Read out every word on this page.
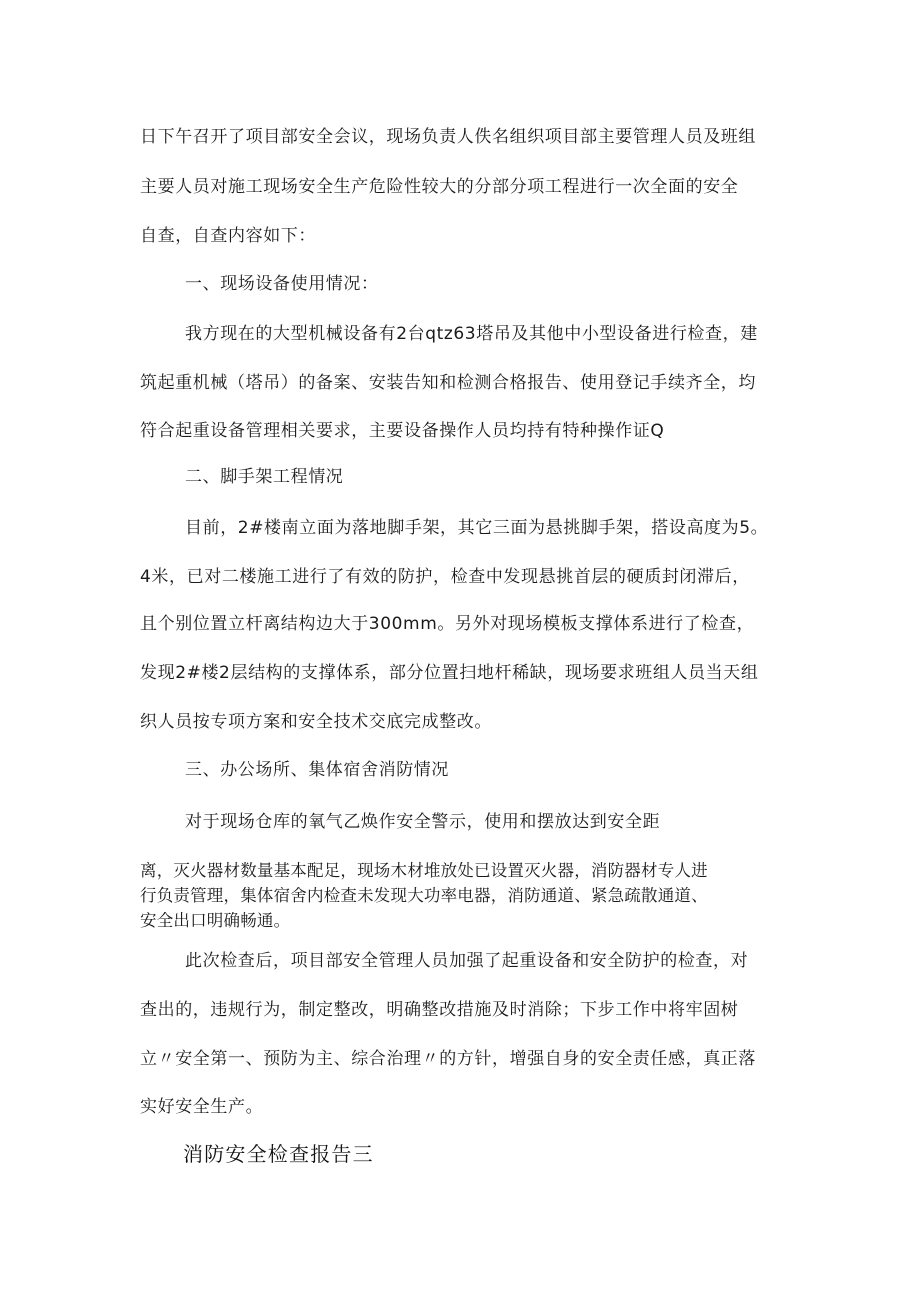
日下午召开了项目部安全会议，现场负责人佚名组织项目部主要管理人员及班组
主要人员对施工现场安全生产危险性较大的分部分项工程进行一次全面的安全
自查，自查内容如下：
一、现场设备使用情况：
我方现在的大型机械设备有2台qtz63塔吊及其他中小型设备进行检查，建
筑起重机械（塔吊）的备案、安装告知和检测合格报告、使用登记手续齐全，均
符合起重设备管理相关要求，主要设备操作人员均持有特种操作证Q
二、脚手架工程情况
目前，2#楼南立面为落地脚手架，其它三面为悬挑脚手架，搭设高度为5。
4米，已对二楼施工进行了有效的防护，检查中发现悬挑首层的硬质封闭滞后，
且个别位置立杆离结构边大于300mm。另外对现场模板支撑体系进行了检查，
发现2#楼2层结构的支撑体系，部分位置扫地杆稀缺，现场要求班组人员当天组
织人员按专项方案和安全技术交底完成整改。
三、办公场所、集体宿舍消防情况
对于现场仓库的氧气乙焕作安全警示，使用和摆放达到安全距
离，灭火器材数量基本配足，现场木材堆放处已设置灭火器，消防器材专人进
行负责管理，集体宿舍内检查未发现大功率电器，消防通道、紧急疏散通道、
安全出口明确畅通。
此次检查后，项目部安全管理人员加强了起重设备和安全防护的检查，对
查出的，违规行为，制定整改，明确整改措施及时消除；下步工作中将牢固树
立〃安全第一、预防为主、综合治理〃的方针，增强自身的安全责任感，真正落
实好安全生产。
消防安全检查报告三
